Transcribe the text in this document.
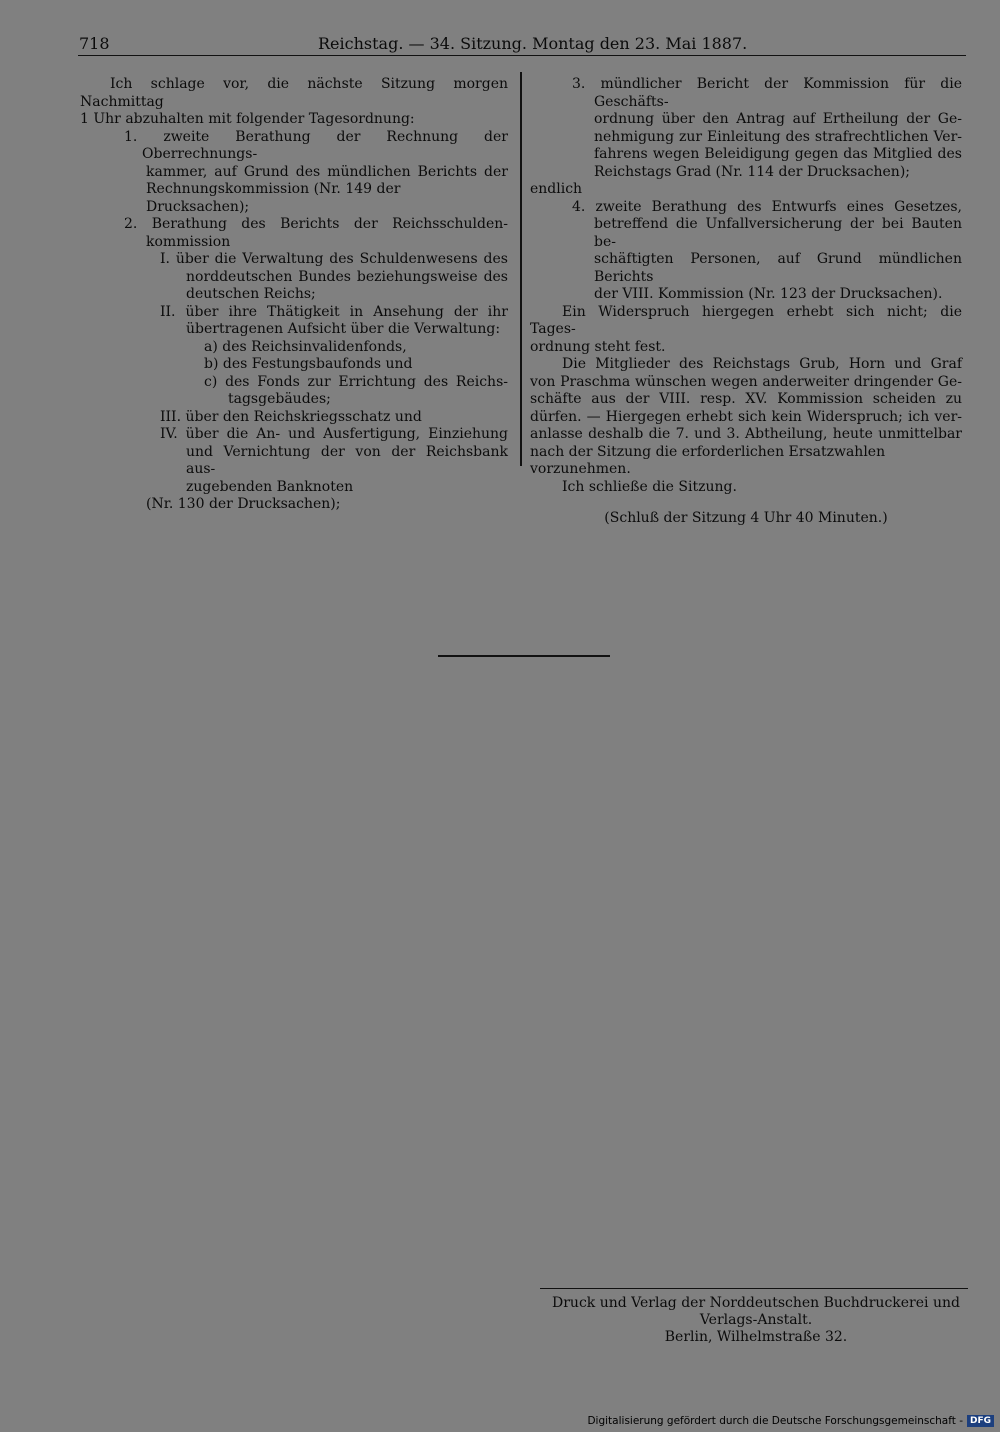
718	Reichstag. — 34. Sitzung. Montag den 23. Mai 1887.

Ich schlage vor, die nächste Sitzung morgen Nachmittag

1 Uhr abzuhalten mit folgender Tagesordnung:

1. zweite Berathung der Rechnung der Oberrechnungs-

kammer, auf Grund des mündlichen Berichts der

Rechnungskommission (Nr. 149 der Drucksachen);

2. Berathung des Berichts der Reichsschulden-

kommission

I. über die Verwaltung des Schuldenwesens des

norddeutschen Bundes beziehungsweise des

deutschen Reichs;

II. über ihre Thätigkeit in Ansehung der ihr

übertragenen Aufsicht über die Verwaltung:

a) des Reichsinvalidenfonds,

b) des Festungsbaufonds und

c) des Fonds zur Errichtung des Reichs-

tagsgebäudes;

III. über den Reichskriegsschatz und

IV. über die An- und Ausfertigung, Einziehung

und Vernichtung der von der Reichsbank aus-

zugebenden Banknoten

(Nr. 130 der Drucksachen);

3. mündlicher Bericht der Kommission für die Geschäfts-

ordnung über den Antrag auf Ertheilung der Ge-

nehmigung zur Einleitung des strafrechtlichen Ver-

fahrens wegen Beleidigung gegen das Mitglied des

Reichstags Grad (Nr. 114 der Drucksachen);

endlich

4. zweite Berathung des Entwurfs eines Gesetzes,

betreffend die Unfallversicherung der bei Bauten be-

schäftigten Personen, auf Grund mündlichen Berichts

der VIII. Kommission (Nr. 123 der Drucksachen).

Ein Widerspruch hiergegen erhebt sich nicht; die Tages-

ordnung steht fest.

Die Mitglieder des Reichstags Grub, Horn und Graf

von Praschma wünschen wegen anderweiter dringender Ge-

schäfte aus der VIII. resp. XV. Kommission scheiden zu

dürfen. — Hiergegen erhebt sich kein Widerspruch; ich ver-

anlasse deshalb die 7. und 3. Abtheilung, heute unmittelbar

nach der Sitzung die erforderlichen Ersatzwahlen vorzunehmen.

Ich schließe die Sitzung.

(Schluß der Sitzung 4 Uhr 40 Minuten.)

Druck und Verlag der Norddeutschen Buchdruckerei und Verlags-Anstalt.

Berlin, Wilhelmstraße 32.

Digitalisierung gefördert durch die Deutsche Forschungsgemeinschaft - DFG
